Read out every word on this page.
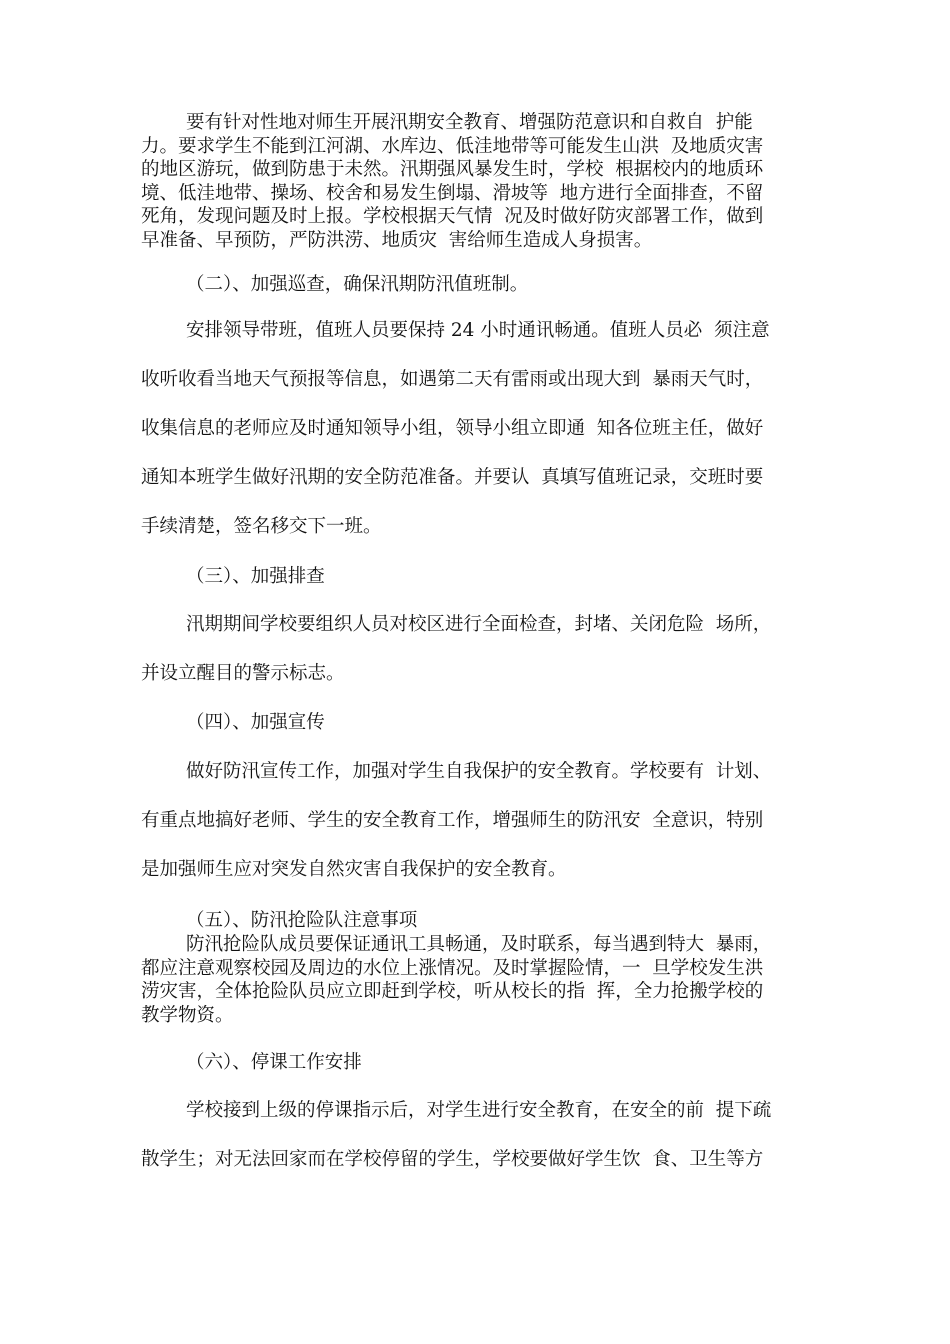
要有针对性地对师生开展汛期安全教育、增强防范意识和自救自  护能
力。要求学生不能到江河湖、水库边、低洼地带等可能发生山洪  及地质灾害
的地区游玩，做到防患于未然。汛期强风暴发生时，学校  根据校内的地质环
境、低洼地带、操场、校舍和易发生倒塌、滑坡等  地方进行全面排查，不留
死角，发现问题及时上报。学校根据天气情  况及时做好防灾部署工作，做到
早准备、早预防，严防洪涝、地质灾  害给师生造成人身损害。
（二）、加强巡查，确保汛期防汛值班制。
安排领导带班，值班人员要保持 24 小时通讯畅通。值班人员必  须注意
收听收看当地天气预报等信息，如遇第二天有雷雨或出现大到  暴雨天气时，
收集信息的老师应及时通知领导小组，领导小组立即通  知各位班主任，做好
通知本班学生做好汛期的安全防范准备。并要认  真填写值班记录，交班时要
手续清楚，签名移交下一班。
（三）、加强排查
汛期期间学校要组织人员对校区进行全面检查，封堵、关闭危险  场所，
并设立醒目的警示标志。
（四）、加强宣传
做好防汛宣传工作，加强对学生自我保护的安全教育。学校要有  计划、
有重点地搞好老师、学生的安全教育工作，增强师生的防汛安  全意识，特别
是加强师生应对突发自然灾害自我保护的安全教育。
（五）、防汛抢险队注意事项
防汛抢险队成员要保证通讯工具畅通，及时联系，每当遇到特大  暴雨，
都应注意观察校园及周边的水位上涨情况。及时掌握险情，一  旦学校发生洪
涝灾害，全体抢险队员应立即赶到学校，听从校长的指  挥，全力抢搬学校的
教学物资。
（六）、停课工作安排
学校接到上级的停课指示后，对学生进行安全教育，在安全的前  提下疏
散学生；对无法回家而在学校停留的学生，学校要做好学生饮  食、卫生等方
